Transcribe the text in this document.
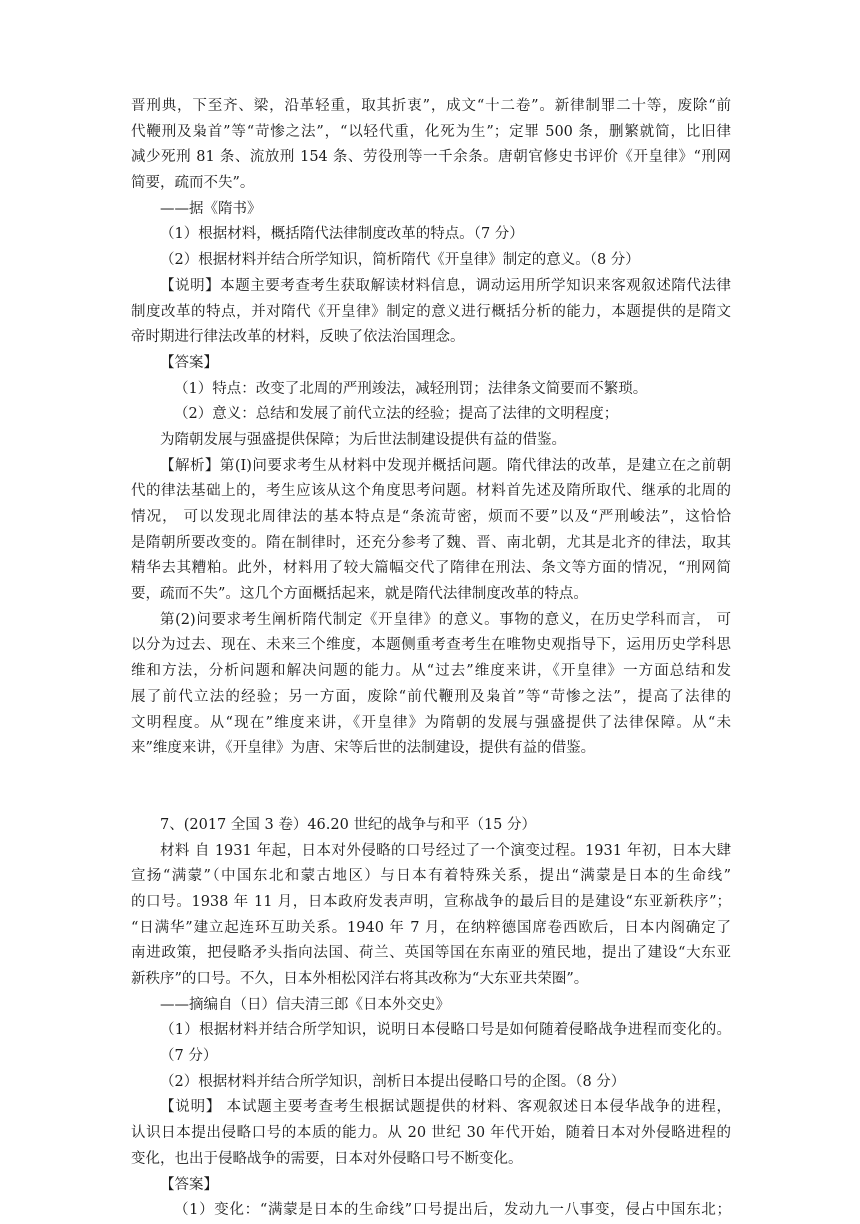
晋刑典，下至齐、梁，沿革轻重，取其折衷”，成文“十二卷”。新律制罪二十等，废除“前
代鞭刑及枭首”等“苛惨之法”，“以轻代重，化死为生”；定罪 500 条，删繁就简，比旧律
减少死刑 81 条、流放刑 154 条、劳役刑等一千余条。唐朝官修史书评价《开皇律》“刑网
简要，疏而不失”。
——据《隋书》
（1）根据材料，概括隋代法律制度改革的特点。（7 分）
（2）根据材料并结合所学知识，简析隋代《开皇律》制定的意义。（8 分）
【说明】本题主要考查考生获取解读材料信息，调动运用所学知识来客观叙述隋代法律
制度改革的特点，并对隋代《开皇律》制定的意义进行概括分析的能力，本题提供的是隋文
帝时期进行律法改革的材料，反映了依法治国理念。
【答案】
（1）特点：改变了北周的严刑竣法，减轻刑罚；法律条文简要而不繁琐。
（2）意义：总结和发展了前代立法的经验；提高了法律的文明程度；
为隋朝发展与强盛提供保障；为后世法制建设提供有益的借鉴。
【解析】第(I)问要求考生从材料中发现并概括问题。隋代律法的改革，是建立在之前朝
代的律法基础上的，考生应该从这个角度思考问题。材料首先述及隋所取代、继承的北周的
情况， 可以发现北周律法的基本特点是“条流苛密，烦而不要”以及“严刑峻法”，这恰恰
是隋朝所要改变的。隋在制律时，还充分参考了魏、晋、南北朝，尤其是北齐的律法，取其
精华去其糟粕。此外，材料用了较大篇幅交代了隋律在刑法、条文等方面的情况，“刑网简
要，疏而不失”。这几个方面概括起来，就是隋代法律制度改革的特点。
第(2)问要求考生阐析隋代制定《开皇律》的意义。事物的意义，在历史学科而言， 可
以分为过去、现在、未来三个维度，本题侧重考查考生在唯物史观指导下，运用历史学科思
维和方法，分析问题和解决问题的能力。从“过去”维度来讲，《开皇律》一方面总结和发
展了前代立法的经验；另一方面，废除“前代鞭刑及枭首”等“苛惨之法”，提高了法律的
文明程度。从“现在”维度来讲，《开皇律》为隋朝的发展与强盛提供了法律保障。从“未
来”维度来讲，《开皇律》为唐、宋等后世的法制建设，提供有益的借鉴。
7、(2017 全国 3 卷）46.20 世纪的战争与和平（15 分）
材料 自 1931 年起，日本对外侵略的口号经过了一个演变过程。1931 年初，日本大肆
宣扬“满蒙”（中国东北和蒙古地区）与日本有着特殊关系，提出“满蒙是日本的生命线”
的口号。1938 年 11 月，日本政府发表声明，宣称战争的最后目的是建设“东亚新秩序”；
“日满华”建立起连环互助关系。1940 年 7 月，在纳粹德国席卷西欧后，日本内阁确定了
南进政策，把侵略矛头指向法国、荷兰、英国等国在东南亚的殖民地，提出了建设“大东亚
新秩序”的口号。不久，日本外相松冈洋右将其改称为“大东亚共荣圈”。
——摘编自（日）信夫清三郎《日本外交史》
（1）根据材料并结合所学知识，说明日本侵略口号是如何随着侵略战争进程而变化的。
（7 分）
（2）根据材料并结合所学知识，剖析日本提出侵略口号的企图。（8 分）
【说明】 本试题主要考查考生根据试题提供的材料、客观叙述日本侵华战争的进程，
认识日本提出侵略口号的本质的能力。从 20 世纪 30 年代开始，随着日本对外侵略进程的
变化，也出于侵略战争的需要，日本对外侵略口号不断变化。
【答案】
（1）变化：“满蒙是日本的生命线”口号提出后，发动九一八事变，侵占中国东北；
